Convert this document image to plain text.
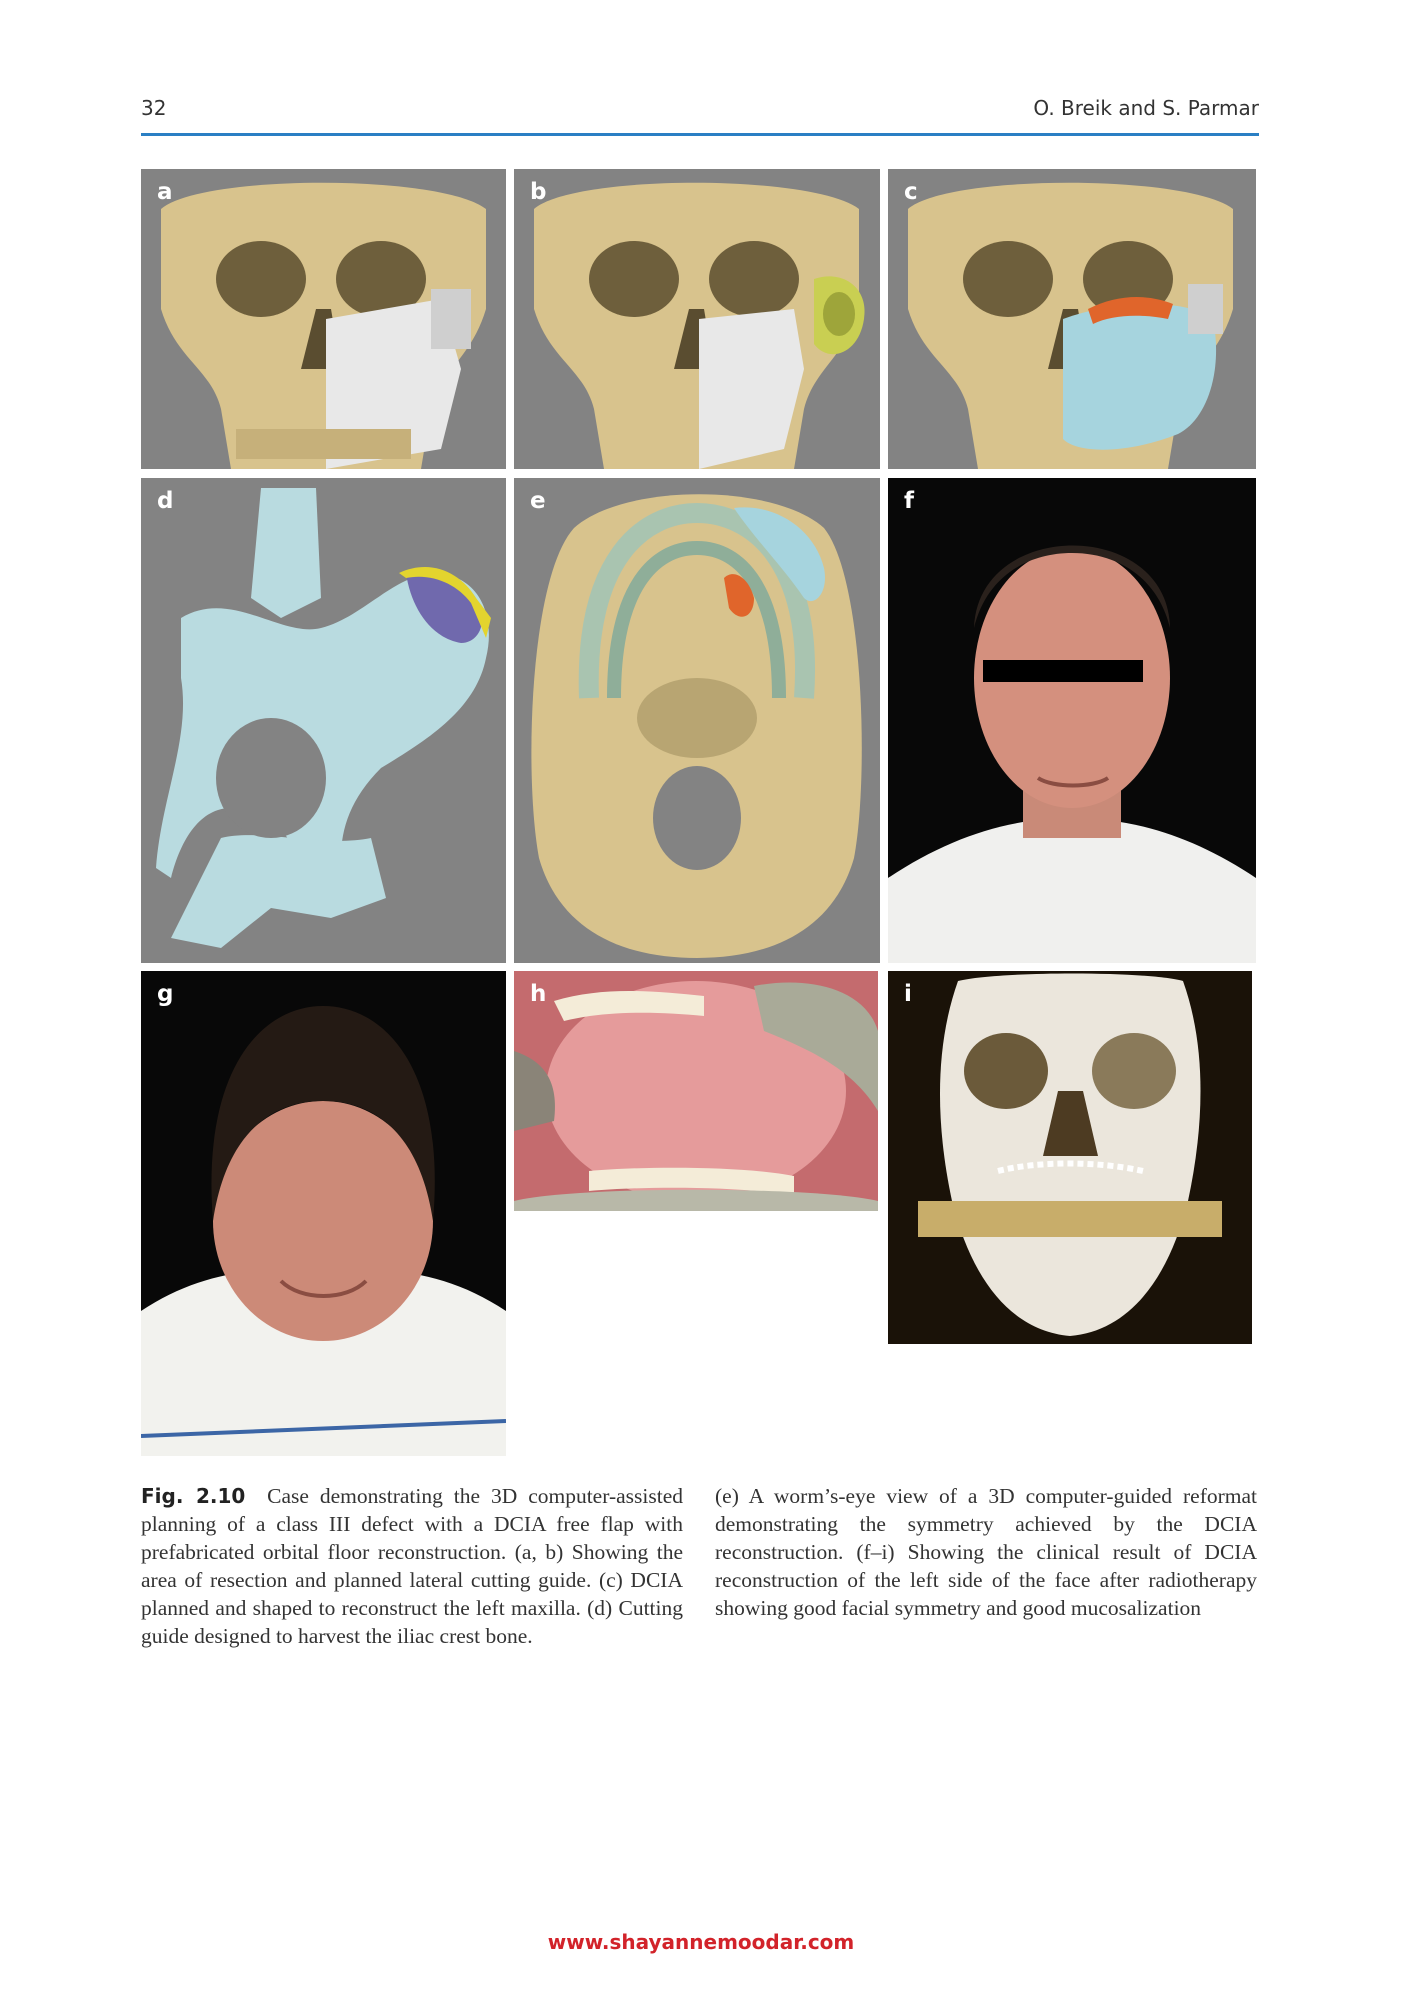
32	O. Breik and S. Parmar
a	b	c
d	e	f
g	h	i
Fig. 2.10 Case demonstrating the 3D computer-assisted planning of a class III defect with a DCIA free flap with prefabricated orbital floor reconstruction. (a, b) Showing the area of resection and planned lateral cutting guide. (c) DCIA planned and shaped to reconstruct the left maxilla. (d) Cutting guide designed to harvest the iliac crest bone.
(e) A worm’s-eye view of a 3D computer-guided reformat demonstrating the symmetry achieved by the DCIA reconstruction. (f–i) Showing the clinical result of DCIA reconstruction of the left side of the face after radiotherapy showing good facial symmetry and good mucosalization
www.shayannemoodar.com
